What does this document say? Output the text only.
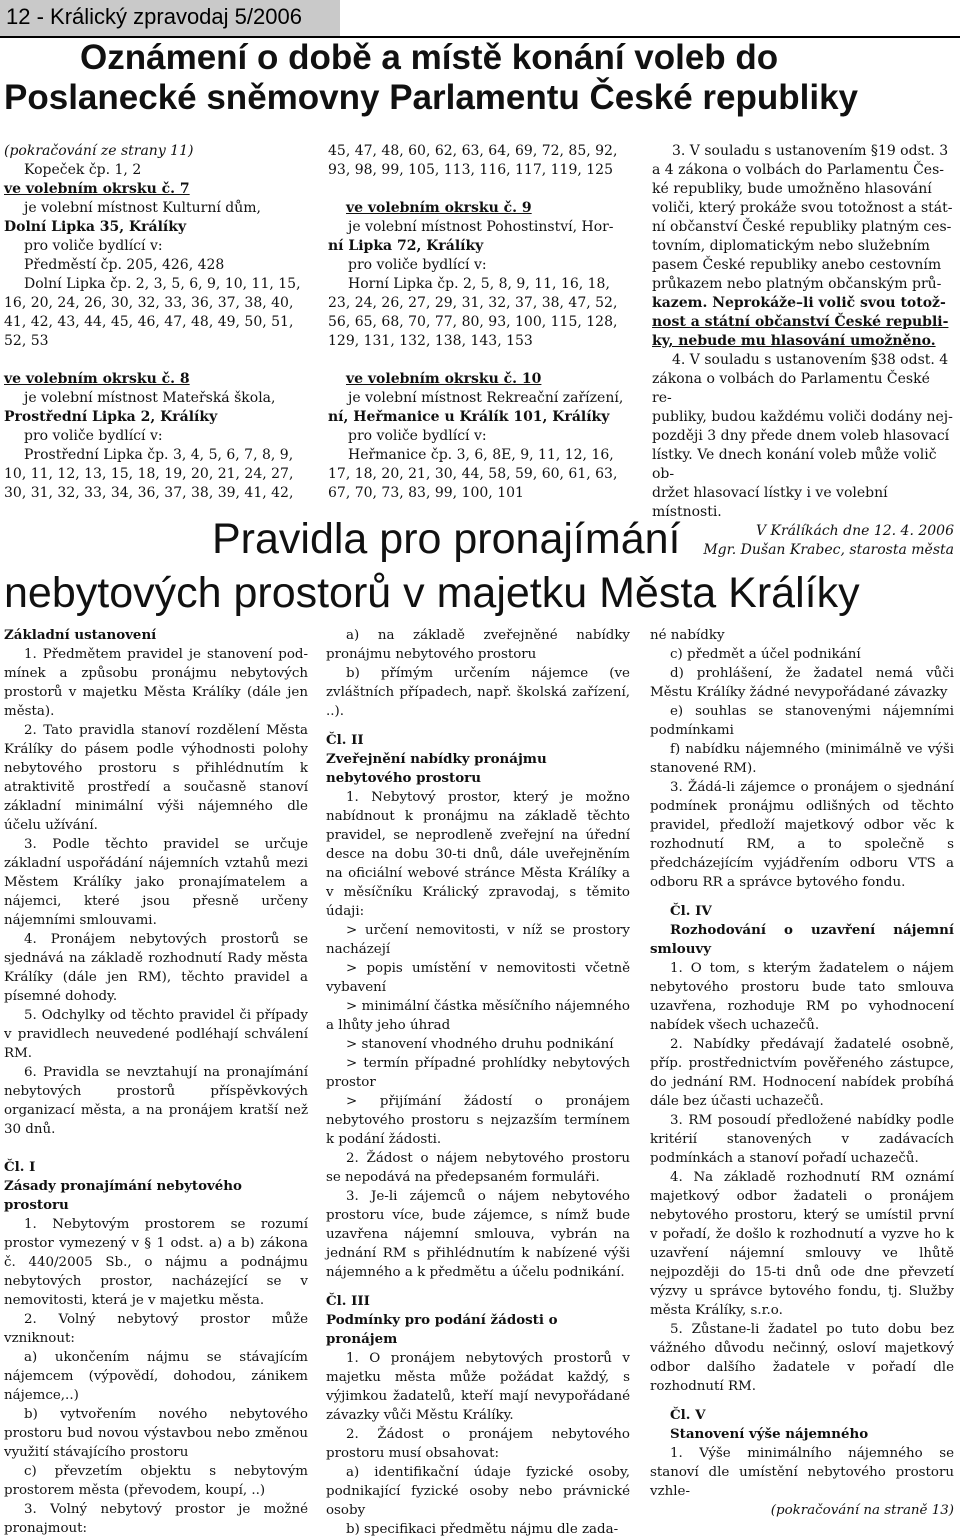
12 - Králický zpravodaj 5/2006
Oznámení o době a místě konání voleb do
Poslanecké sněmovny Parlamentu České republiky

(pokračování ze strany 11)

Kopeček čp. 1, 2

ve volebním okrsku č. 7

je volební místnost Kulturní dům,

Dolní Lipka 35, Králíky

pro voliče bydlící v:

Předměstí čp. 205, 426, 428

Dolní Lipka čp. 2, 3, 5, 6, 9, 10, 11, 15,

16, 20, 24, 26, 30, 32, 33, 36, 37, 38, 40,

41, 42, 43, 44, 45, 46, 47, 48, 49, 50, 51,

52, 53

ve volebním okrsku č. 8

je volební místnost Mateřská škola,

Prostřední Lipka 2, Králíky

pro voliče bydlící v:

Prostřední Lipka čp. 3, 4, 5, 6, 7, 8, 9,

10, 11, 12, 13, 15, 18, 19, 20, 21, 24, 27,

30, 31, 32, 33, 34, 36, 37, 38, 39, 41, 42,

45, 47, 48, 60, 62, 63, 64, 69, 72, 85, 92,

93, 98, 99, 105, 113, 116, 117, 119, 125

ve volebním okrsku č. 9

je volební místnost Pohostinství, Hor-

ní Lipka 72, Králíky

pro voliče bydlící v:

Horní Lipka čp. 2, 5, 8, 9, 11, 16, 18,

23, 24, 26, 27, 29, 31, 32, 37, 38, 47, 52,

56, 65, 68, 70, 77, 80, 93, 100, 115, 128,

129, 131, 132, 138, 143, 153

ve volebním okrsku č. 10

je volební místnost Rekreační zařízení,

ní, Heřmanice u Králík 101, Králíky

pro voliče bydlící v:

Heřmanice čp. 3, 6, 8E, 9, 11, 12, 16,

17, 18, 20, 21, 30, 44, 58, 59, 60, 61, 63,

67, 70, 73, 83, 99, 100, 101

3. V souladu s ustanovením §19 odst. 3

a 4 zákona o volbách do Parlamentu Čes-

ké republiky, bude umožněno hlasování

voliči, který prokáže svou totožnost a stát-

ní občanství České republiky platným ces-

tovním, diplomatickým nebo služebním

pasem České republiky anebo cestovním

průkazem nebo platným občanským prů-

kazem. Neprokáže–li volič svou totož-

nost a státní občanství České republi-

ky, nebude mu hlasování umožněno.

4. V souladu s ustanovením §38 odst. 4

zákona o volbách do Parlamentu České re-

publiky, budou každému voliči dodány nej-

později 3 dny přede dnem voleb hlasovací

lístky. Ve dnech konání voleb může volič ob-

držet hlasovací lístky i ve volební místnosti.

V Králíkách dne 12. 4. 2006

Mgr. Dušan Krabec, starosta města

Pravidla pro pronajímání
nebytových prostorů v majetku Města Králíky

Základní ustanovení

1. Předmětem pravidel je stanovení pod-mínek a způsobu pronájmu nebytových prostorů v majetku Města Králíky (dále jen města).

2. Tato pravidla stanoví rozdělení Města Králíky do pásem podle výhodnosti polohy nebytového prostoru s přihlédnutím k atraktivitě prostředí a současně stanoví základní minimální výši nájemného dle účelu užívání.

3. Podle těchto pravidel se určuje základní uspořádání nájemních vztahů mezi Městem Králíky jako pronajímatelem a nájemci, které jsou přesně určeny nájemními smlouvami.

4. Pronájem nebytových prostorů se sjednává na základě rozhodnutí Rady města Králíky (dále jen RM), těchto pravidel a písemné dohody.

5. Odchylky od těchto pravidel či případy v pravidlech neuvedené podléhají schválení RM.

6. Pravidla se nevztahují na pronajímání nebytových prostorů příspěvkových organizací města, a na pronájem kratší než 30 dnů.

Čl. I

Zásady pronajímání nebytového prostoru

1. Nebytovým prostorem se rozumí prostor vymezený v § 1 odst. a) a b) zákona č. 440/2005 Sb., o nájmu a podnájmu nebytových prostor, nacházející se v nemovitosti, která je v majetku města.

2. Volný nebytový prostor může vzniknout:

a) ukončením nájmu se stávajícím nájemcem (výpovědí, dohodou, zánikem nájemce,..)

b) vytvořením nového nebytového prostoru bud novou výstavbou nebo změnou využití stávajícího prostoru

c) převzetím objektu s nebytovým prostorem města (převodem, koupí, ..)

3. Volný nebytový prostor je možné pronajmout:

a) na základě zveřejněné nabídky pronájmu nebytového prostoru

b) přímým určením nájemce (ve zvláštních případech, např. školská zařízení, ..).

Čl. II

Zveřejnění nabídky pronájmu nebytového prostoru

1. Nebytový prostor, který je možno nabídnout k pronájmu na základě těchto pravidel, se neprodleně zveřejní na úřední desce na dobu 30-ti dnů, dále uveřejněním na oficiální webové stránce Města Králíky a v měsíčníku Králický zpravodaj, s těmito údaji:

> určení nemovitosti, v níž se prostory nacházejí

> popis umístění v nemovitosti včetně vybavení

> minimální částka měsíčního nájemného a lhůty jeho úhrad

> stanovení vhodného druhu podnikání

> termín případné prohlídky nebytových prostor

> přijímání žádostí o pronájem nebytového prostoru s nejzazším termínem k podání žádosti.

2. Žádost o nájem nebytového prostoru se nepodává na předepsaném formuláři.

3. Je-li zájemců o nájem nebytového prostoru více, bude zájemce, s nímž bude uzavřena nájemní smlouva, vybrán na jednání RM s přihlédnutím k nabízené výši nájemného a k předmětu a účelu podnikání.

Čl. III

Podmínky pro podání žádosti o pronájem

1. O pronájem nebytových prostorů v majetku města může požádat každý, s výjimkou žadatelů, kteří mají nevypořádané závazky vůči Městu Králíky.

2. Žádost o pronájem nebytového prostoru musí obsahovat:

a) identifikační údaje fyzické osoby, podnikající fyzické osoby nebo právnické osoby

b) specifikaci předmětu nájmu dle zada-

né nabídky

c) předmět a účel podnikání

d) prohlášení, že žadatel nemá vůči Městu Králíky žádné nevypořádané závazky

e) souhlas se stanovenými nájemními podmínkami

f) nabídku nájemného (minimálně ve výši stanovené RM).

3. Žádá-li zájemce o pronájem o sjednání podmínek pronájmu odlišných od těchto pravidel, předloží majetkový odbor věc k rozhodnutí RM, a to společně s předcházejícím vyjádřením odboru VTS a odboru RR a správce bytového fondu.

Čl. IV

Rozhodování o uzavření nájemní smlouvy

1. O tom, s kterým žadatelem o nájem nebytového prostoru bude tato smlouva uzavřena, rozhoduje RM po vyhodnocení nabídek všech uchazečů.

2. Nabídky předávají žadatelé osobně, příp. prostřednictvím pověřeného zástupce, do jednání RM. Hodnocení nabídek probíhá dále bez účasti uchazečů.

3. RM posoudí předložené nabídky podle kritérií stanovených v zadávacích podmínkách a stanoví pořadí uchazečů.

4. Na základě rozhodnutí RM oznámí majetkový odbor žadateli o pronájem nebytového prostoru, který se umístil první v pořadí, že došlo k rozhodnutí a vyzve ho k uzavření nájemní smlouvy ve lhůtě nejpozději do 15-ti dnů ode dne převzetí výzvy u správce bytového fondu, tj. Služby města Králíky, s.r.o.

5. Zůstane-li žadatel po tuto dobu bez vážného důvodu nečinný, osloví majetkový odbor dalšího žadatele v pořadí dle rozhodnutí RM.

Čl. V

Stanovení výše nájemného

1. Výše minimálního nájemného se stanoví dle umístění nebytového prostoru vzhle-

(pokračování na straně 13)
